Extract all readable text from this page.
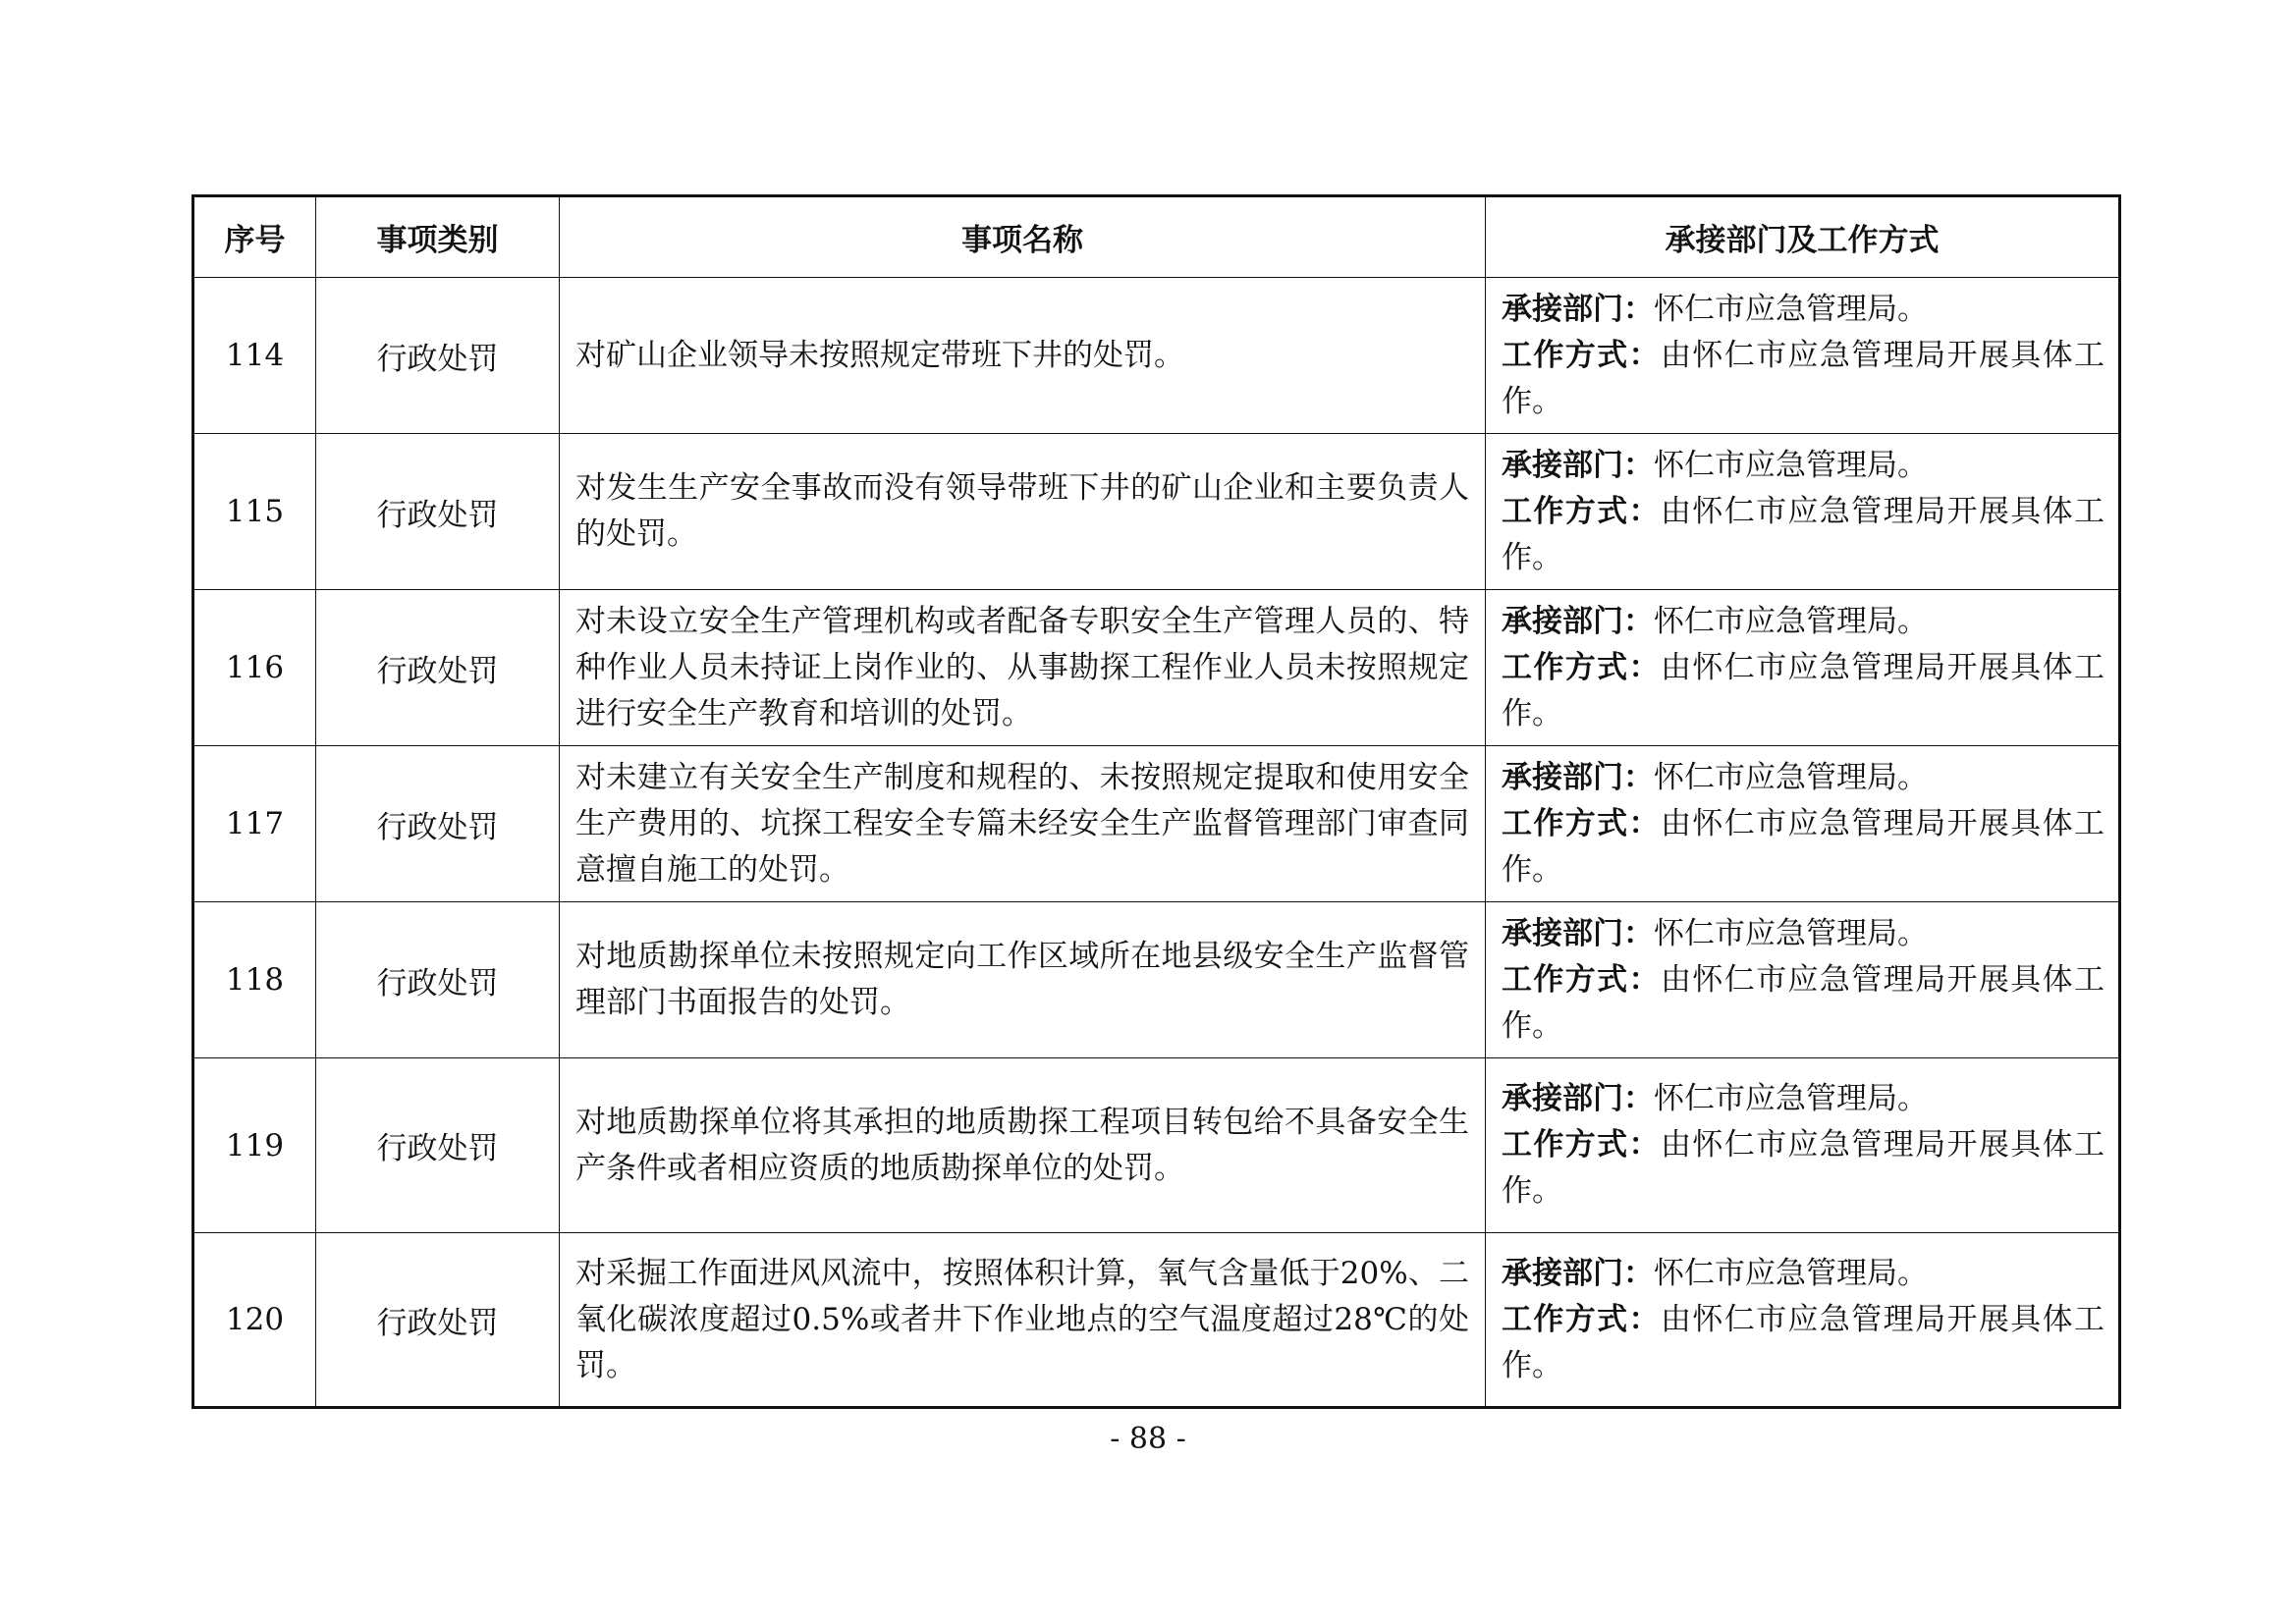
序号	事项类别	事项名称	承接部门及工作方式
114	行政处罚	对矿山企业领导未按照规定带班下井的处罚。	承接部门：怀仁市应急管理局。
工作方式：由怀仁市应急管理局开展具体工作。

115	行政处罚	对发生生产安全事故而没有领导带班下井的矿山企业和主要负责人的处罚。	承接部门：怀仁市应急管理局。
工作方式：由怀仁市应急管理局开展具体工作。

116	行政处罚	对未设立安全生产管理机构或者配备专职安全生产管理人员的、特种作业人员未持证上岗作业的、从事勘探工程作业人员未按照规定进行安全生产教育和培训的处罚。	承接部门：怀仁市应急管理局。
工作方式：由怀仁市应急管理局开展具体工作。

117	行政处罚	对未建立有关安全生产制度和规程的、未按照规定提取和使用安全生产费用的、坑探工程安全专篇未经安全生产监督管理部门审查同意擅自施工的处罚。	承接部门：怀仁市应急管理局。
工作方式：由怀仁市应急管理局开展具体工作。

118	行政处罚	对地质勘探单位未按照规定向工作区域所在地县级安全生产监督管理部门书面报告的处罚。	承接部门：怀仁市应急管理局。
工作方式：由怀仁市应急管理局开展具体工作。

119	行政处罚	对地质勘探单位将其承担的地质勘探工程项目转包给不具备安全生产条件或者相应资质的地质勘探单位的处罚。	承接部门：怀仁市应急管理局。
工作方式：由怀仁市应急管理局开展具体工作。

120	行政处罚	对采掘工作面进风风流中，按照体积计算，氧气含量低于20%、二氧化碳浓度超过0.5%或者井下作业地点的空气温度超过28℃的处罚。	承接部门：怀仁市应急管理局。
工作方式：由怀仁市应急管理局开展具体工作。
- 88 -
